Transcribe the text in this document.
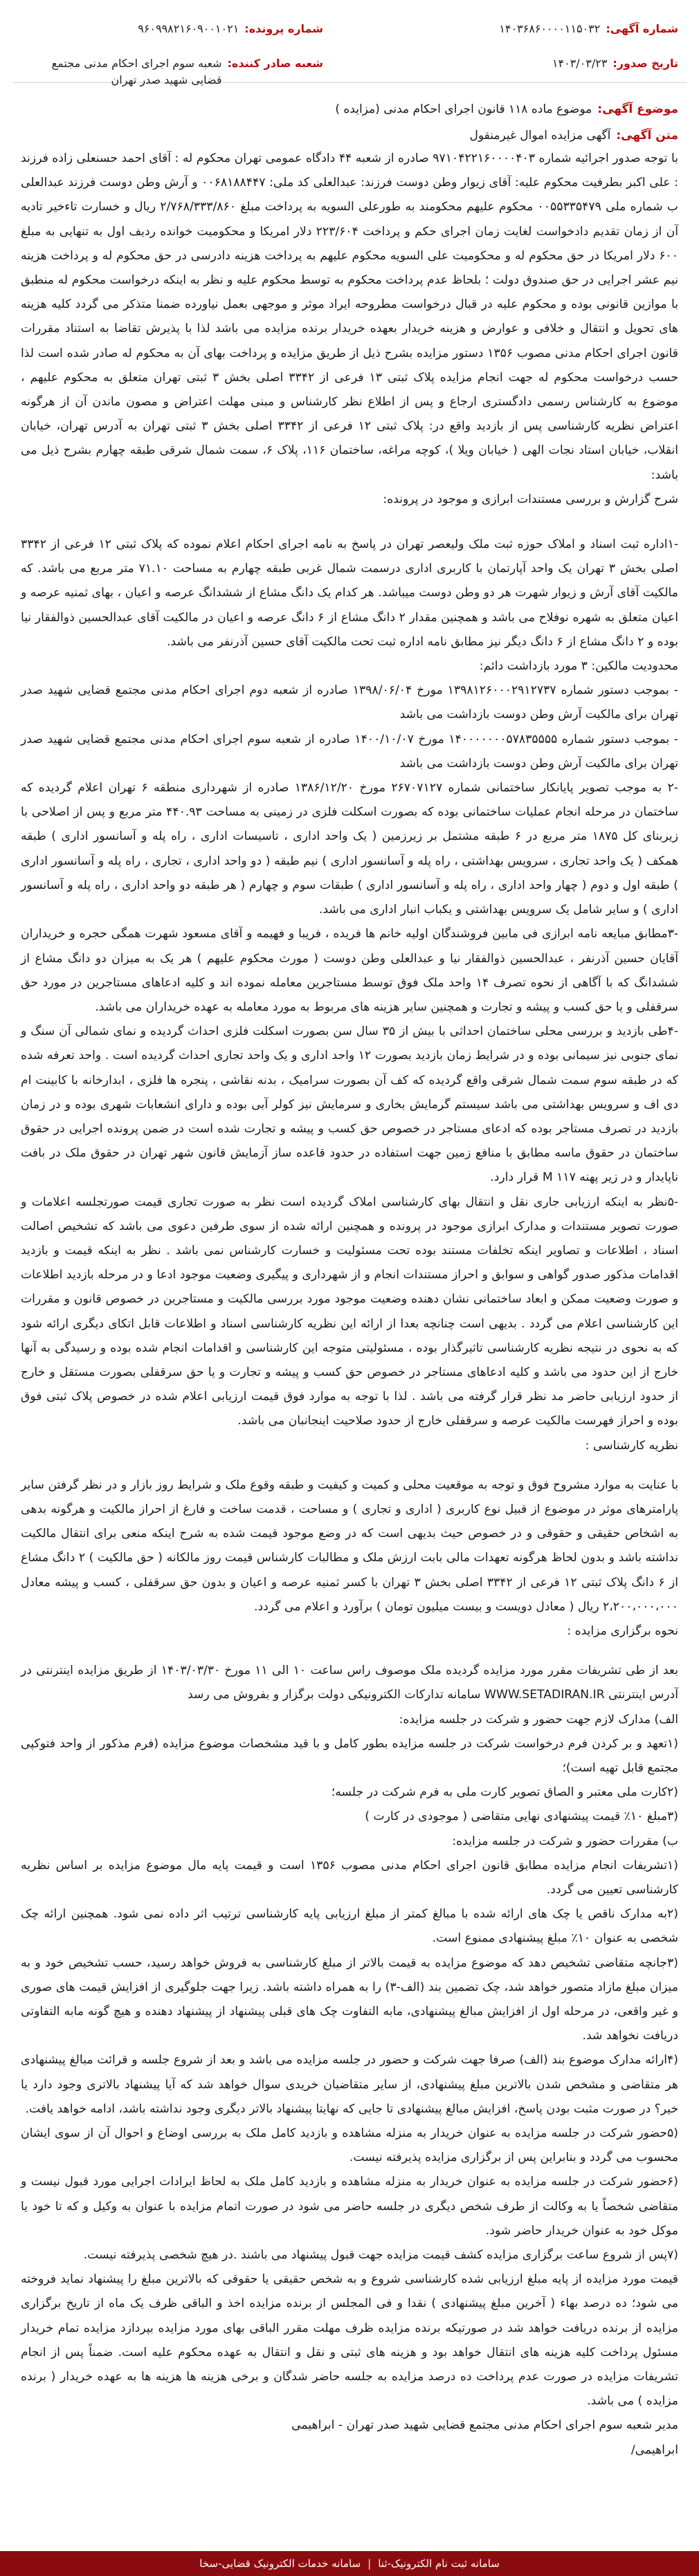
شماره آگهی:
۱۴۰۳۶۸۶۰۰۰۰۱۱۵۰۳۲
تاریخ صدور:
۱۴۰۳/۰۳/۲۳
شماره پرونده:
۹۶۰۹۹۸۲۱۶۰۹۰۰۱۰۲۱
شعبه صادر کننده:
شعبه سوم اجرای احکام مدنی مجتمع قضایی شهید صدر تهران
موضوع آگهی:
موضوع ماده ۱۱۸ قانون اجرای احکام مدنی (مزایده )
متن آگهی:
آگهی مزایده اموال غیرمنقول

با توجه صدور اجرائیه شماره ۹۷۱۰۴۲۲۱۶۰۰۰۰۴۰۳ صادره از شعبه ۴۴ دادگاه عمومی تهران محکوم له : آقای احمد حسنعلی زاده فرزند : علی اکبر بطرفیت محکوم علیه: آقای زیوار وطن دوست فرزند: عبدالعلی کد ملی: ۰۰۶۸۱۸۸۴۴۷ و آرش وطن دوست فرزند عبدالعلی ب‌ شماره ملی ۰۰۵۵۳۳۵۴۷۹ محکوم علیهم محکومند به طورعلی السویه به پرداخت مبلغ ۲/۷۶۸/۳۳۳/۸۶۰ ریال و خسارت تاءخیر تادیه آن از زمان تقدیم دادخواست لغایت زمان اجرای حکم و پرداخت ۲۲۳/۶۰۴ دلار امریکا و محکومیت خوانده ردیف اول به تنهایی به مبلغ ۶۰۰ دلار امریکا در حق محکوم له و محکومیت علی السویه محکوم علیهم به پرداخت هزینه دادرسی در حق محکوم له و پرداخت هزینه نیم عشر اجرایی در حق صندوق دولت ؛ بلحاظ عدم پرداخت محکوم به توسط محکوم علیه و نظر به اینکه درخواست محکوم له منطبق با موازین قانونی بوده و محکوم علیه در قبال درخواست مطروحه ایراد موثر و موجهی بعمل نیاورده ضمنا متذکر می گردد کلیه هزینه های تحویل و انتقال و خلافی و عوارض و هزینه خریدار بعهده خریدار برنده مزایده می باشد لذا با پذیرش تقاضا به استناد مقررات قانون اجرای احکام مدنی مصوب ۱۳۵۶ دستور مزایده بشرح ذیل از طریق مزایده و پرداخت بهای آن به محکوم له صادر شده است لذا حسب درخواست محکوم له جهت انجام مزایده پلاک ثبتی ۱۳ فرعی از ۳۳۴۲ اصلی بخش ۳ ثبتی تهران متعلق به محکوم علیهم ، موضوع به کارشناس رسمی دادگستری ارجاع و پس از اطلاع نظر کارشناس و مبنی مهلت اعتراض و مصون ماندن آن از هرگونه اعتراض نظریه کارشناسی پس از بازدید واقع در: پلاک ثبتی ۱۲ فرعی از ۳۳۴۲ اصلی بخش ۳ ثبتی تهران به آدرس تهران، خیابان انقلاب، خیابان استاد نجات الهی ( خیابان ویلا )، کوچه مراغه، ساختمان ۱۱۶، پلاک ۶، سمت شمال شرقی طبقه چهارم بشرح ذیل می باشد:

شرح گزارش و بررسی مستندات ابرازی و موجود در پرونده:

-۱اداره ثبت اسناد و املاک حوزه ثبت ملک ولیعصر تهران در پاسخ به نامه اجرای احکام اعلام نموده که پلاک ثبتی ۱۲ فرعی از ۳۳۴۲ اصلی بخش ۳ تهران یک واحد آپارتمان با کاربری اداری درسمت شمال غربی طبقه چهارم به مساحت ۷۱.۱۰ متر مربع می باشد. که مالکیت آقای آرش و زیوار شهرت هر دو وطن دوست میباشد. هر کدام یک دانگ مشاع از ششدانگ عرصه و اعیان ، بهای ثمنیه عرصه و اعیان متعلق به شهره نوفلاح می باشد و همچنین مقدار ۲ دانگ مشاع از ۶ دانگ عرصه و اعیان در مالکیت آقای عبدالحسین ذوالفقار نیا بوده و ۲ دانگ مشاع از ۶ دانگ دیگر نیز مطابق نامه اداره ثبت تحت مالکیت آقای حسین آذرنفر می باشد.

محدودیت مالکین: ۳ مورد بازداشت دائم:

- بموجب دستور شماره ۱۳۹۸۱۲۶۰۰۰۲۹۱۲۷۳۷ مورخ ۱۳۹۸/۰۶/۰۴ صادره از شعبه دوم اجرای احکام مدنی مجتمع قضایی شهید صدر تهران برای مالکیت آرش وطن دوست بازداشت می باشد

- بموجب دستور شماره ۱۴۰۰۰۰۰۰۰۵۷۸۳۵۵۵۵ مورخ ۱۴۰۰/۱۰/۰۷ صادره از شعبه سوم اجرای احکام مدنی مجتمع قضایی شهید صدر تهران برای مالکیت آرش وطن دوست بازداشت می باشد

-۲ به موجب تصویر پایانکار ساختمانی شماره ۲۶۷۰۷۱۲۷ مورخ ۱۳۸۶/۱۲/۲۰ صادره از شهرداری منطقه ۶ تهران اعلام گردیده که ساختمان در مرحله انجام عملیات ساختمانی بوده که بصورت اسکلت فلزی در زمینی به مساحت ۴۴۰.۹۳ متر مربع و پس از اصلاحی با زیربنای کل ۱۸۷۵ متر مربع در ۶ طبقه مشتمل بر زیرزمین ( یک واحد اداری ، تاسیسات اداری ، راه پله و آسانسور اداری ) طبقه همکف ( یک واحد تجاری ، سرویس بهداشتی ، راه پله و آسانسور اداری ) نیم طبقه ( دو واحد اداری ، تجاری ، راه پله و آسانسور اداری ) طبقه اول و دوم ( چهار واحد اداری ، راه پله و آسانسور اداری ) طبقات سوم و چهارم ( هر طبقه دو واحد اداری ، راه پله و آسانسور اداری ) و سایر شامل یک سرویس بهداشتی و یکباب انبار اداری می باشد.

-۳مطابق مبایعه نامه ابرازی فی مابین فروشندگان اولیه خانم ها فریده ، فریبا و فهیمه و آقای مسعود شهرت همگی حجره و خریداران آقایان حسین آذرنفر ، عبدالحسین ذوالفقار نیا و عبدالعلی وطن دوست ( مورث محکوم علیهم ) هر یک به میزان دو دانگ مشاع از ششدانگ که با آگاهی از نحوه تصرف ۱۴ واحد ملک فوق توسط مستاجرین معامله نموده اند و کلیه ادعاهای مستاجرین در مورد حق سرقفلی و یا حق کسب و پیشه و تجارت و همچنین سایر هزینه های مربوط به مورد معامله به عهده خریداران می باشد.

-۴طی بازدید و بررسی محلی ساختمان احداثی با بیش از ۳۵ سال سن بصورت اسکلت فلزی احداث گردیده و نمای شمالی آن سنگ و نمای جنوبی نیز سیمانی بوده و در شرایط زمان بازدید بصورت ۱۲ واحد اداری و یک واحد تجاری احداث گردیده است . واحد تعرفه شده که در طبقه سوم سمت شمال شرقی واقع گردیده که کف آن بصورت سرامیک ، بدنه نقاشی ، پنجره ها فلزی ، ابدارخانه با کابینت ام دی اف و سرویس بهداشتی می باشد سیستم گرمایش بخاری و سرمایش نیز کولر آبی بوده و دارای انشعابات شهری بوده و در زمان بازدید در تصرف مستاجر بوده که ادعای مستاجر در خصوص حق کسب و پیشه و تجارت شده است در ضمن پرونده اجرایی در حقوق ساختمان در حقوق ماسه مطابق با منافع زمین جهت استفاده در حدود قاعده ساز آزمایش قانون شهر تهران در حقوق ملک در بافت ناپایدار و در زیر پهنه M ۱۱۷ قرار دارد.

-۵نظر به اینکه ارزیابی جاری نقل و انتقال بهای کارشناسی املاک گردیده است نظر به صورت تجاری قیمت صورتجلسه اعلامات و صورت تصویر مستندات و مدارک ابرازی موجود در پرونده و همچنین ارائه شده از سوی طرفین دعوی می باشد که تشخیص اصالت اسناد ، اطلاعات و تصاویر اینکه تخلفات مستند بوده تحت مسئولیت و خسارت کارشناس نمی باشد . نظر به اینکه قیمت و بازدید اقدامات مذکور صدور گواهی و سوابق و احراز مستندات انجام و از شهرداری و پیگیری وضعیت موجود ادعا و در مرحله بازدید اطلاعات و صورت وضعیت ممکن و ابعاد ساختمانی نشان دهنده وضعیت موجود مورد بررسی مالکیت و مستاجرین در خصوص قانون و مقررات این کارشناسی اعلام می گردد . بدیهی است چنانچه بعدا از ارائه این نظریه کارشناسی اسناد و اطلاعات قابل اتکای دیگری ارائه شود که به نحوی در نتیجه نظریه کارشناسی تاثیرگذار بوده ، مسئولیتی متوجه این کارشناسی و اقدامات انجام شده بوده و رسیدگی به آنها خارج از این حدود می باشد و کلیه ادعاهای مستاجر در خصوص حق کسب و پیشه و تجارت و یا حق سرقفلی بصورت مستقل و خارج از حدود ارزیابی حاضر مد نظر قرار گرفته می باشد . لذا با توجه به موارد فوق قیمت ارزیابی اعلام شده در خصوص پلاک ثبتی فوق بوده و احراز فهرست مالکیت عرصه و سرقفلی خارج از حدود صلاحیت اینجانبان می باشد.

نظریه کارشناسی :

با عنایت به موارد مشروح فوق و توجه به موقعیت محلی و کمیت و کیفیت و طبقه وقوع ملک و شرایط روز بازار و در نظر گرفتن سایر پارامترهای موثر در موضوع از قبیل نوع کاربری ( اداری و تجاری ) و مساحت ، قدمت ساخت و فارغ از احراز مالکیت و هرگونه بدهی به اشخاص حقیقی و حقوقی و در خصوص حیث بدیهی است که در وضع موجود قیمت شده به شرح اینکه منعی برای انتقال مالکیت نداشته باشد و بدون لحاظ هرگونه تعهدات مالی بابت ارزش ملک و مطالبات کارشناس قیمت روز مالکانه ( حق مالکیت ) ۲ دانگ مشاع از ۶ دانگ پلاک ثبتی ۱۲ فرعی از ۳۳۴۲ اصلی بخش ۳ تهران با کسر ثمنیه عرصه و اعیان و بدون حق سرقفلی ، کسب و پیشه معادل ۲،۲۰۰،۰۰۰،۰۰۰ ریال ( معادل دویست و بیست میلیون تومان ) برآورد و اعلام می گردد.

نحوه برگزاری مزایده :

بعد از طی تشریفات مقرر مورد مزایده گردیده ملک موصوف راس ساعت ۱۰ الی ۱۱ مورخ ۱۴۰۳/۰۳/۳۰ از طریق مزایده اینترنتی در آدرس اینترنتی WWW.SETADIRAN.IR سامانه تدارکات الکترونیکی دولت برگزار و بفروش می رسد

الف) مدارک لازم جهت حضور و شرکت در جلسه مزایده:

(۱تعهد و بر کردن فرم درخواست شرکت در جلسه مزایده بطور کامل و با قید مشخصات موضوع مزایده (فرم مذکور از واحد فتوکپی مجتمع قابل تهیه است)؛

(۲کارت ملی معتبر و الصاق تصویر کارت ملی به فرم شرکت در جلسه؛

(۳مبلغ ۱۰٪ قیمت پیشنهادی نهایی متقاضی ( موجودی در کارت )

ب) مقررات حضور و شرکت در جلسه مزایده:

(۱تشریفات انجام مزایده مطابق قانون اجرای احکام مدنی مصوب ۱۳۵۶ است و قیمت پایه مال موضوع مزایده بر اساس نظریه کارشناسی تعیین می گردد.

(۲به مدارک ناقص یا چک های ارائه شده با مبالغ کمتر از مبلغ ارزیابی پایه کارشناسی ترتیب اثر داده نمی شود. همچنین ارائه چک شخصی به عنوان ۱۰٪ مبلغ پیشنهادی ممنوع است.

(۳جانچه متقاضی تشخیص دهد که موضوع مزایده به قیمت بالاتر از مبلغ کارشناسی به فروش خواهد رسید، حسب تشخیص خود و به میزان مبلغ مازاد متصور خواهد شد، چک تضمین بند (الف-۳) را به همراه داشته باشد. زیرا جهت جلوگیری از افزایش قیمت های صوری و غیر واقعی، در مرحله اول از افزایش مبالغ پیشنهادی، مابه التفاوت چک های قبلی پیشنهاد از پیشنهاد دهنده و هیچ گونه مابه التفاوتی دریافت نخواهد شد.

(۴ارائه مدارک موضوع بند (الف) صرفا جهت شرکت و حضور در جلسه مزایده می باشد و بعد از شروع جلسه و قرائت مبالغ پیشنهادی هر متقاضی و مشخص شدن بالاترین مبلغ پیشنهادی، از سایر متقاضیان خریدی سوال خواهد شد که آیا پیشنهاد بالاتری وجود دارد یا خیر؟ در صورت مثبت بودن پاسخ، افزایش مبالغ پیشنهادی تا جایی که نهایتا پیشنهاد بالاتر دیگری وجود نداشته باشد، ادامه خواهد یافت.

(۵حضور شرکت در جلسه مزایده به عنوان خریدار به منزله مشاهده و بازدید کامل ملک به بررسی اوضاع و احوال آن از سوی ایشان محسوب می گردد و بنابراین پس از برگزاری مزایده پذیرفته نیست.

(۶حضور شرکت در جلسه مزایده به عنوان خریدار به منزله مشاهده و بازدید کامل ملک به لحاظ ایرادات اجرایی مورد قبول نیست و متقاضی شخصاً یا به وکالت از طرف شخص دیگری در جلسه حاضر می شود در صورت اتمام مزایده با عنوان به وکیل و که تا خود یا موکل خود به عنوان خریدار حاضر شود.

(۷پس از شروع ساعت برگزاری مزایده کشف قیمت مزایده جهت قبول پیشنهاد می باشند .در هیچ شخصی پذیرفته نیست.

قیمت مورد مزایده از پایه مبلغ ارزیابی شده کارشناسی شروع و به شخص حقیقی یا حقوقی که بالاترین مبلغ را پیشنهاد نماید فروخته می شود؛ ده درصد بهاء ( آخرین مبلغ پیشنهادی ) نقدا و فی المجلس از برنده مزایده اخذ و الباقی ظرف یک ماه از تاریخ برگزاری مزایده از برنده دریافت خواهد شد در صورتیکه برنده مزایده ظرف مهلت مقرر الباقی بهای مورد مزایده بپردازد مزایده تمام خریدار مسئول پرداخت کلیه هزینه های انتقال خواهد بود و هزینه های ثبتی و نقل و انتقال به عهده محکوم علیه است. ضمناً پس از انجام تشریفات مزایده در صورت عدم پرداخت ده درصد مزایده به جلسه حاضر شدگان و برخی هزینه ها هزینه ها به عهده خریدار ( برنده مزایده ) می باشد.

مدیر شعبه سوم اجرای احکام مدنی مجتمع قضایی شهید صدر تهران - ابراهیمی

ابراهیمی/

سامانه ثبت نام الکترونیک-ثنا
|
سامانه خدمات الکترونیک قضایی-سخا
